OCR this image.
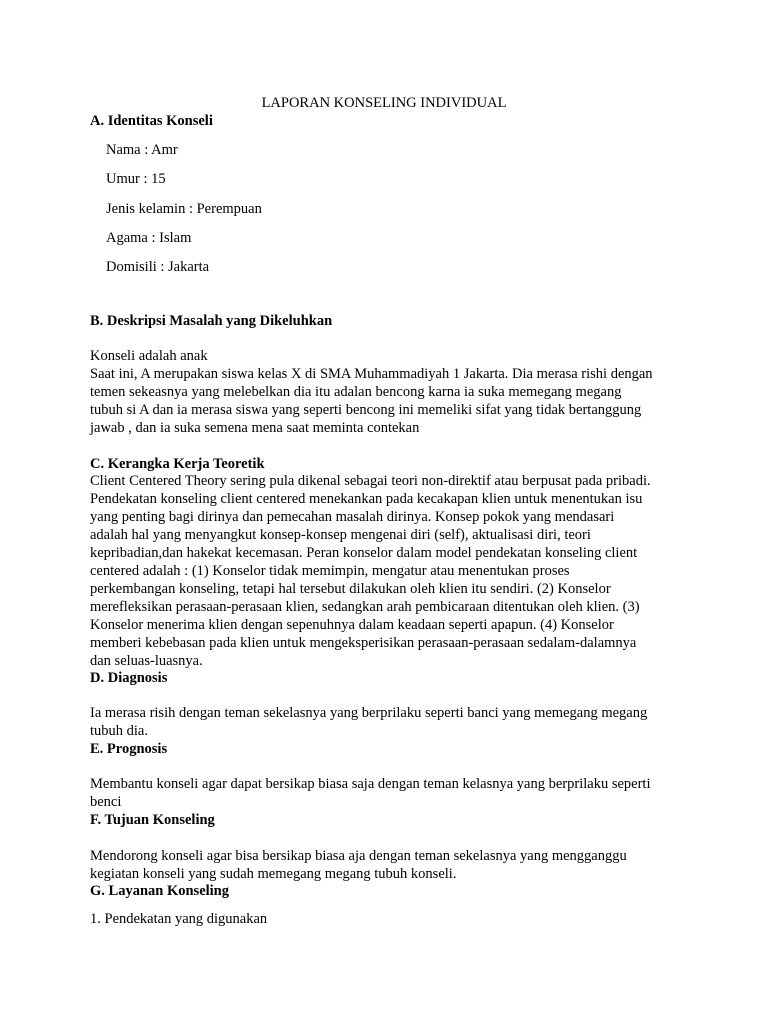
LAPORAN KONSELING INDIVIDUAL
A. Identitas Konseli

Nama : Amr

Umur : 15

Jenis kelamin : Perempuan

Agama : Islam

Domisili : Jakarta

B. Deskripsi Masalah yang Dikeluhkan
Konseli adalah anak
Saat ini, A merupakan siswa kelas X di SMA Muhammadiyah 1 Jakarta. Dia merasa rishi dengan
temen sekeasnya yang melebelkan dia itu adalan bencong karna ia suka memegang megang
tubuh si A dan ia merasa siswa yang seperti bencong ini memeliki sifat yang tidak bertanggung
jawab , dan ia suka semena mena saat meminta contekan
C. Kerangka Kerja Teoretik
Client Centered Theory sering pula dikenal sebagai teori non-direktif atau berpusat pada pribadi.
Pendekatan konseling client centered menekankan pada kecakapan klien untuk menentukan isu
yang penting bagi dirinya dan pemecahan masalah dirinya. Konsep pokok yang mendasari
adalah hal yang menyangkut konsep-konsep mengenai diri (self), aktualisasi diri, teori
kepribadian,dan hakekat kecemasan. Peran konselor dalam model pendekatan konseling client
centered adalah : (1) Konselor tidak memimpin, mengatur atau menentukan proses
perkembangan konseling, tetapi hal tersebut dilakukan oleh klien itu sendiri. (2) Konselor
merefleksikan perasaan-perasaan klien, sedangkan arah pembicaraan ditentukan oleh klien. (3)
Konselor menerima klien dengan sepenuhnya dalam keadaan seperti apapun. (4) Konselor
memberi kebebasan pada klien untuk mengeksperisikan perasaan-perasaan sedalam-dalamnya
dan seluas-luasnya.
D. Diagnosis
Ia merasa risih dengan teman sekelasnya yang berprilaku seperti banci yang memegang megang
tubuh dia.
E. Prognosis
Membantu konseli agar dapat bersikap biasa saja dengan teman kelasnya yang berprilaku seperti
benci
F. Tujuan Konseling
Mendorong konseli agar bisa bersikap biasa aja dengan teman sekelasnya yang mengganggu
kegiatan konseli yang sudah memegang megang tubuh konseli.
G. Layanan Konseling
1. Pendekatan yang digunakan
